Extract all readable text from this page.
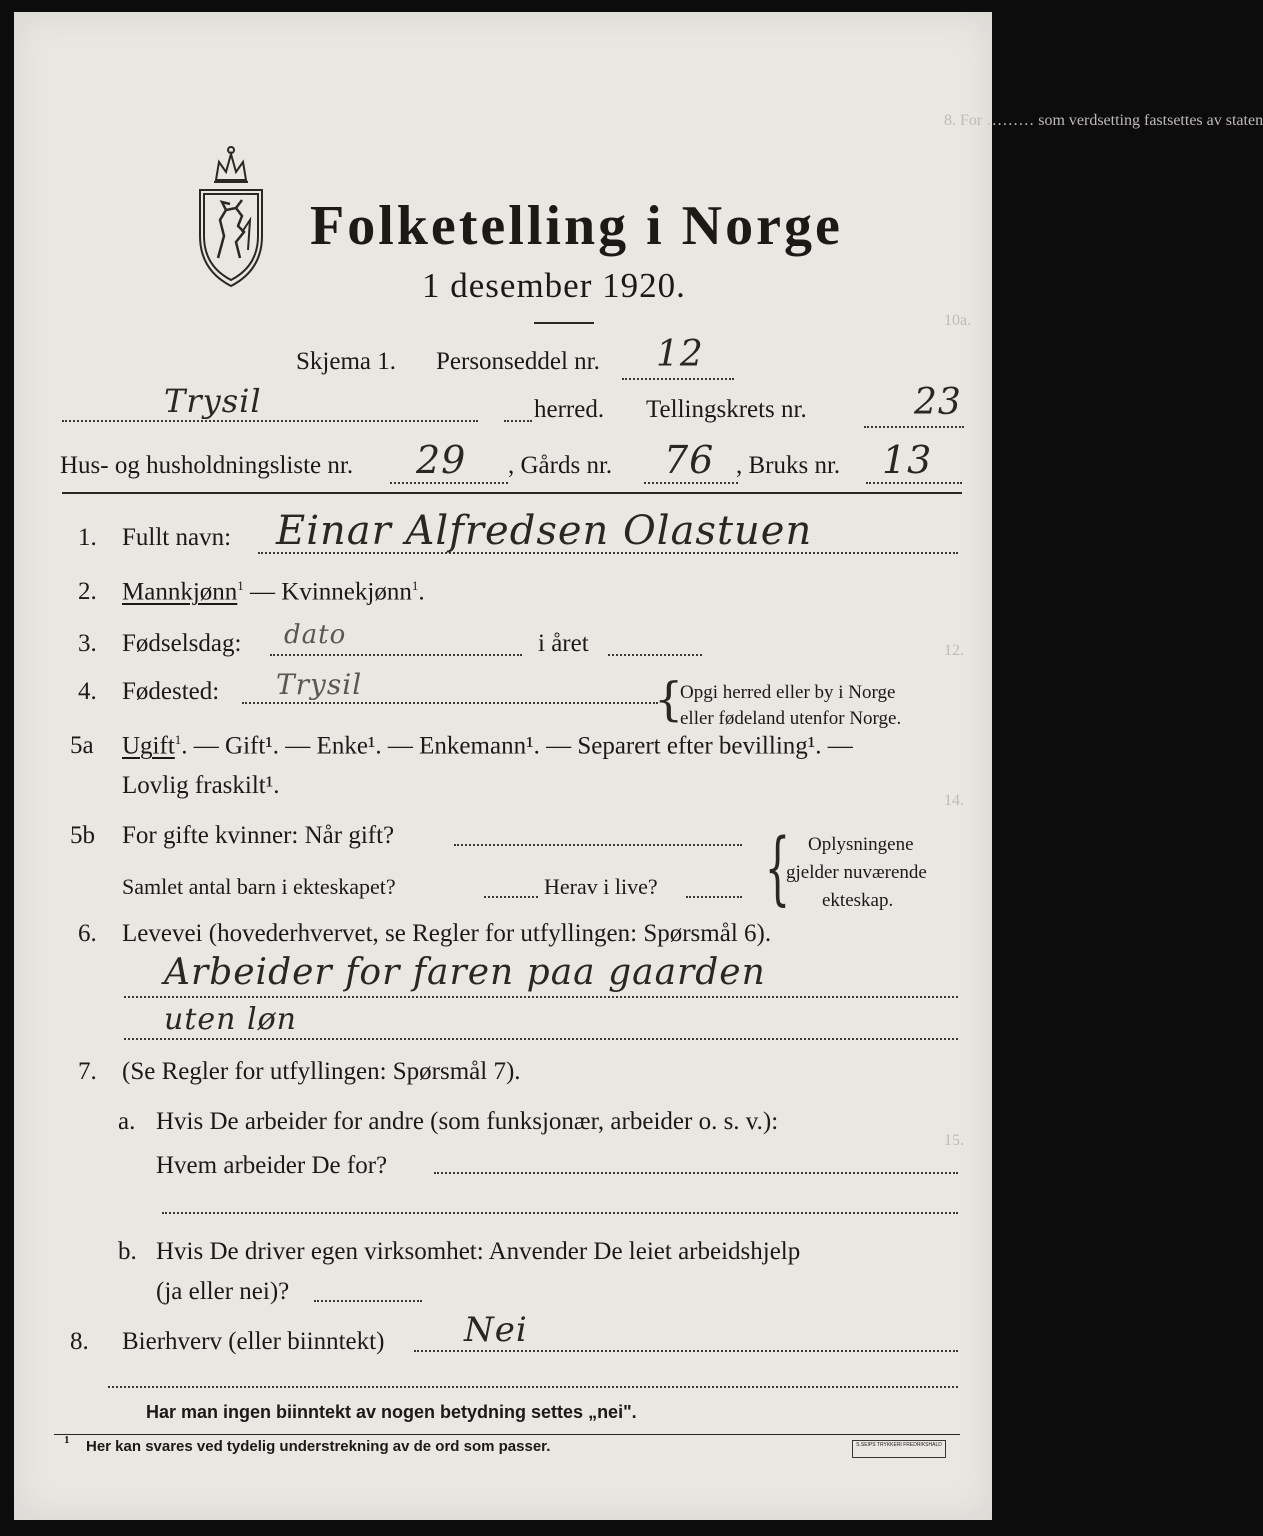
8. For ……… som verdsetting fastsettes av staten
10a.
12.
14.
15.
Folketelling i Norge
1 desember 1920.
Skjema 1. Personseddel nr. 12
Trysil	herred. Tellingskrets nr.	23
Hus- og husholdningsliste nr. 29 , Gårds nr. 76 , Bruks nr. 13
1. Fullt navn: Einar Alfredsen Olastuen
2. Mannkjønn$^1$ — Kvinnekjønn$^1$.
3. Fødselsdag: dato	i året
4. Fødested: Trysil	{
Opgi herred eller by i Norge
eller fødeland utenfor Norge.
5a Ugift$^1$. — Gift¹. — Enke¹. — Enkemann¹. — Separert efter bevilling¹. —
Lovlig fraskilt¹.
5b For gifte kvinner: Når gift?
Samlet antal barn i ekteskapet?	Herav i live? { Oplysningene
gjelder nuværende
ekteskap.
6. Levevei (hovederhvervet, se Regler for utfyllingen: Spørsmål 6).
Arbeider for faren paa gaarden
uten løn
7. (Se Regler for utfyllingen: Spørsmål 7).
a. Hvis De arbeider for andre (som funksjonær, arbeider o. s. v.):
Hvem arbeider De for?
b. Hvis De driver egen virksomhet: Anvender De leiet arbeidshjelp
(ja eller nei)?
8. Bierhverv (eller biinntekt) Nei
Har man ingen biinntekt av nogen betydning settes „nei".
1 Her kan svares ved tydelig understrekning av de ord som passer.	S.SEIPS TRYKKERI FREDRIKSHALD
